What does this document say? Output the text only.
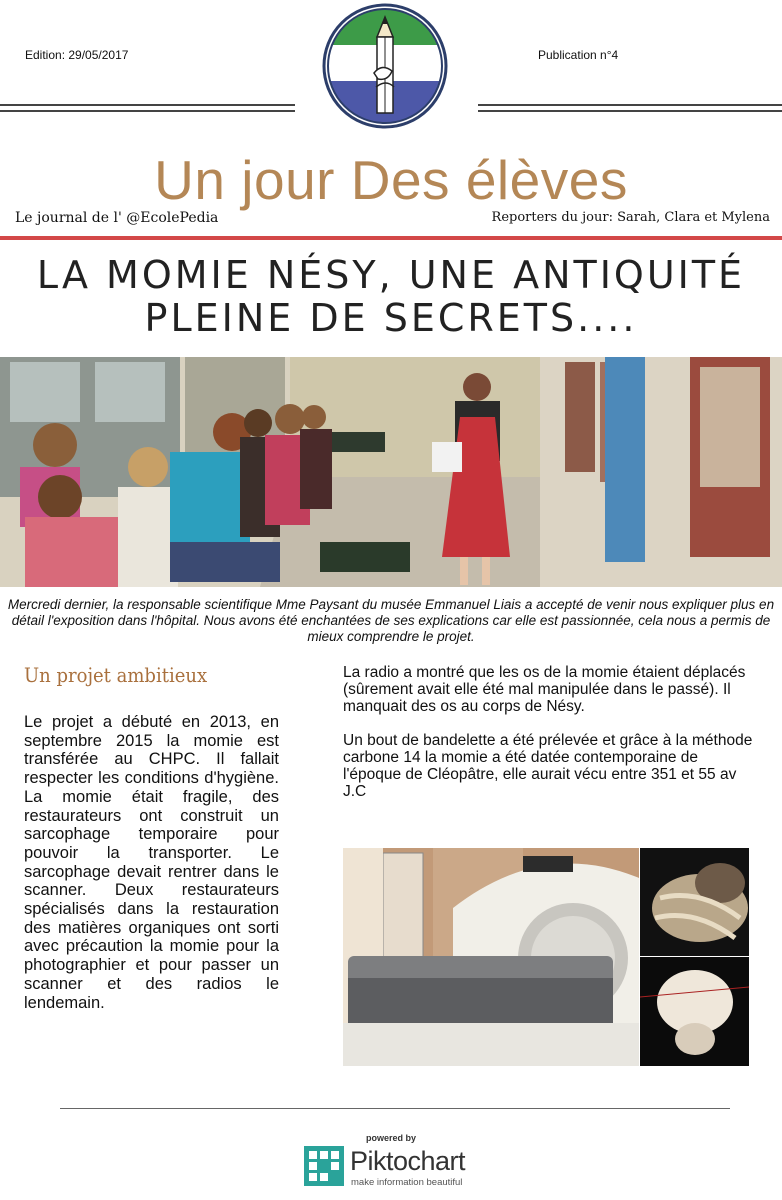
Edition: 29/05/2017	Publication n°4
Un jour Des élèves
Le journal de l' @EcolePedia	Reporters du jour: Sarah, Clara et Mylena
LA MOMIE NÉSY, UNE ANTIQUITÉ
PLEINE DE SECRETS....
Mercredi dernier, la responsable scientifique Mme Paysant du musée Emmanuel Liais a accepté de venir nous expliquer plus en détail l'exposition dans l'hôpital. Nous avons été enchantées de ses explications car elle est passionnée, cela nous a permis de mieux comprendre le projet.
Un projet ambitieux
Le projet a débuté en 2013, en septembre 2015 la momie est transférée au CHPC. Il fallait respecter les conditions d'hygiène. La momie était fragile, des restaurateurs ont construit un sarcophage temporaire pour pouvoir la transporter. Le sarcophage devait rentrer dans le scanner. Deux restaurateurs spécialisés dans la restauration des matières organiques ont sorti avec précaution la momie pour la photographier et pour passer un scanner et des radios le lendemain.

La radio a montré que les os de la momie étaient déplacés (sûrement avait elle été mal manipulée dans le passé). Il manquait des os au corps de Nésy.

Un bout de bandelette a été prélevée et grâce à la méthode carbone 14 la momie a été datée contemporaine de l'époque de Cléopâtre, elle aurait vécu entre 351 et 55 av J.C

powered by
Piktochart
make information beautiful
